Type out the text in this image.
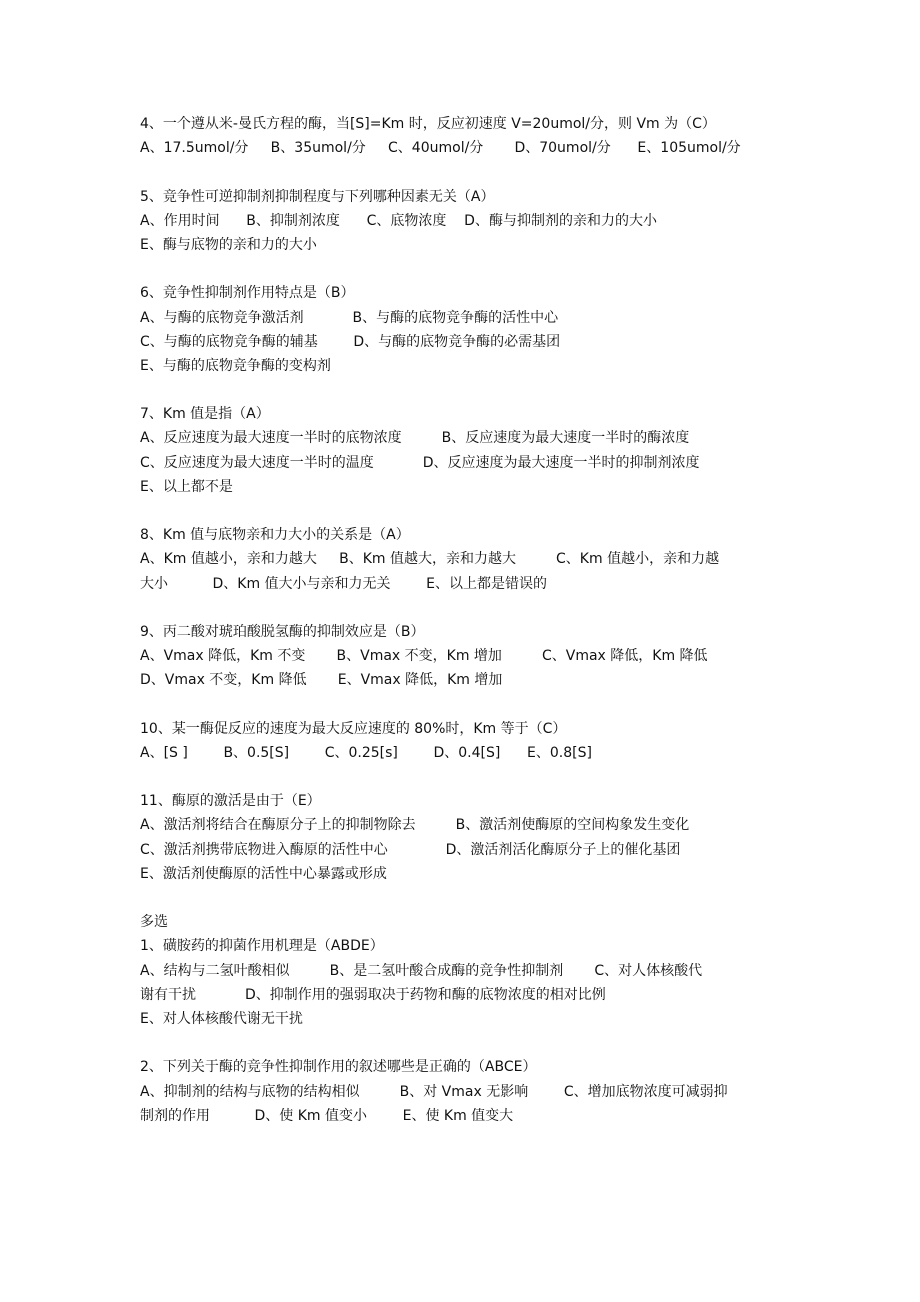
4、一个遵从米-曼氏方程的酶，当[S]=Km 时，反应初速度 V=20umol/分，则 Vm 为（C）
A、17.5umol/分     B、35umol/分     C、40umol/分       D、70umol/分      E、105umol/分
5、竞争性可逆抑制剂抑制程度与下列哪种因素无关（A）
A、作用时间      B、抑制剂浓度      C、底物浓度    D、酶与抑制剂的亲和力的大小
E、酶与底物的亲和力的大小
6、竞争性抑制剂作用特点是（B）
A、与酶的底物竞争激活剂           B、与酶的底物竞争酶的活性中心
C、与酶的底物竞争酶的辅基        D、与酶的底物竞争酶的必需基团
E、与酶的底物竞争酶的变构剂
7、Km 值是指（A）
A、反应速度为最大速度一半时的底物浓度         B、反应速度为最大速度一半时的酶浓度
C、反应速度为最大速度一半时的温度           D、反应速度为最大速度一半时的抑制剂浓度
E、以上都不是
8、Km 值与底物亲和力大小的关系是（A）
A、Km 值越小，亲和力越大     B、Km 值越大，亲和力越大         C、Km 值越小，亲和力越
大小          D、Km 值大小与亲和力无关        E、以上都是错误的
9、丙二酸对琥珀酸脱氢酶的抑制效应是（B）
A、Vmax 降低，Km 不变       B、Vmax 不变，Km 增加         C、Vmax 降低，Km 降低
D、Vmax 不变，Km 降低       E、Vmax 降低，Km 增加
10、某一酶促反应的速度为最大反应速度的 80%时，Km 等于（C）
A、[S ]        B、0.5[S]        C、0.25[s]        D、0.4[S]      E、0.8[S]
11、酶原的激活是由于（E）
A、激活剂将结合在酶原分子上的抑制物除去         B、激活剂使酶原的空间构象发生变化
C、激活剂携带底物进入酶原的活性中心             D、激活剂活化酶原分子上的催化基团
E、激活剂使酶原的活性中心暴露或形成
多选
1、磺胺药的抑菌作用机理是（ABDE）
A、结构与二氢叶酸相似         B、是二氢叶酸合成酶的竞争性抑制剂       C、对人体核酸代
谢有干扰           D、抑制作用的强弱取决于药物和酶的底物浓度的相对比例
E、对人体核酸代谢无干扰
2、下列关于酶的竞争性抑制作用的叙述哪些是正确的（ABCE）
A、抑制剂的结构与底物的结构相似         B、对 Vmax 无影响        C、增加底物浓度可减弱抑
制剂的作用          D、使 Km 值变小        E、使 Km 值变大
